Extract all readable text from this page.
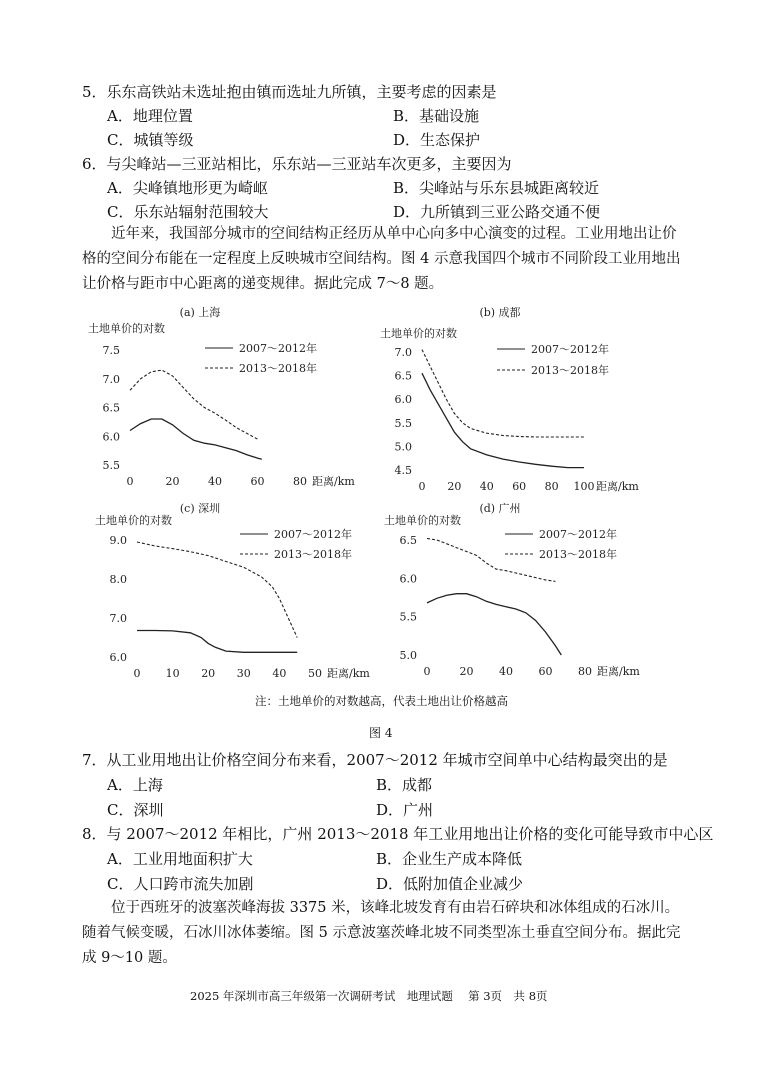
5．乐东高铁站未选址抱由镇而选址九所镇，主要考虑的因素是
A．地理位置	B．基础设施
C．城镇等级	D．生态保护
6．与尖峰站—三亚站相比，乐东站—三亚站车次更多，主要因为
A．尖峰镇地形更为崎岖	B．尖峰站与乐东县城距离较近
C．乐东站辐射范围较大	D．九所镇到三亚公路交通不便
近年来，我国部分城市的空间结构正经历从单中心向多中心演变的过程。工业用地出让价格的空间分布能在一定程度上反映城市空间结构。图 4 示意我国四个城市不同阶段工业用地出让价格与距市中心距离的递变规律。据此完成 7～8 题。
(a) 上海
土地单价的对数
7.5
7.0
6.5
6.0
5.5
0	20	40	60	80 距离/km
2007～2012年
2013～2018年
(b) 成都
土地单价的对数
7.0
6.5
6.0
5.5
5.0
4.5
0 20 40 60 80 100 距离/km
2007～2012年
2013～2018年
(c) 深圳
土地单价的对数
9.0
8.0
7.0
6.0
0 10 20 30 40 50 距离/km
2007～2012年
2013～2018年
(d) 广州
土地单价的对数
6.5
6.0
5.5
5.0
0	20 40 60 80 距离/km
2007～2012年
2013～2018年
注：土地单价的对数越高，代表土地出让价格越高
图 4
7．从工业用地出让价格空间分布来看，2007～2012 年城市空间单中心结构最突出的是
A．上海	B．成都
C．深圳	D．广州
8．与 2007～2012 年相比，广州 2013～2018 年工业用地出让价格的变化可能导致市中心区
A．工业用地面积扩大	B．企业生产成本降低
C．人口跨市流失加剧	D．低附加值企业减少
位于西班牙的波塞茨峰海拔 3375 米，该峰北坡发育有由岩石碎块和冰体组成的石冰川。随着气候变暖，石冰川冰体萎缩。图 5 示意波塞茨峰北坡不同类型冻土垂直空间分布。据此完成 9～10 题。
2025 年深圳市高三年级第一次调研考试　地理试题　 第 3页　共 8页
